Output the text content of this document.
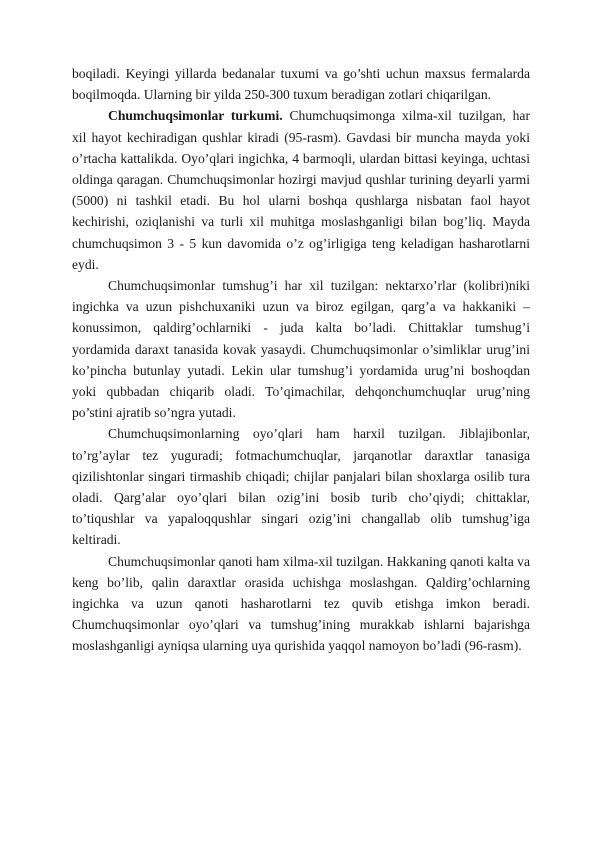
boqiladi. Keyingi yillarda bedanalar tuxumi va go’shti uchun maxsus fermalarda boqilmoqda. Ularning bir yilda 250-300 tuxum beradigan zotlari chiqarilgan.

Chumchuqsimonlar turkumi. Chumchuqsimonga xilma-xil tuzilgan, har xil hayot kechiradigan qushlar kiradi (95-rasm). Gavdasi bir muncha mayda yoki o’rtacha kattalikda. Oyo’qlari ingichka, 4 barmoqli, ulardan bittasi keyinga, uchtasi oldinga qaragan. Chumchuqsimonlar hozirgi mavjud qushlar turining deyarli yarmi (5000) ni tashkil etadi. Bu hol ularni boshqa qushlarga nisbatan faol hayot kechirishi, oziqlanishi va turli xil muhitga moslashganligi bilan bog’liq. Mayda chumchuqsimon 3 - 5 kun davomida o’z og’irligiga teng keladigan hasharotlarni eydi.

Chumchuqsimonlar tumshug’i har xil tuzilgan: nektarxo’rlar (kolibri)niki ingichka va uzun pishchuxaniki uzun va biroz egilgan, qarg’a va hakkaniki – konussimon, qaldirg’ochlarniki - juda kalta bo’ladi. Chittaklar tumshug’i yordamida daraxt tanasida kovak yasaydi. Chumchuqsimonlar o’simliklar urug’ini ko’pincha butunlay yutadi. Lekin ular tumshug’i yordamida urug’ni boshoqdan yoki qubbadan chiqarib oladi. To’qimachilar, dehqonchumchuqlar urug’ning po’stini ajratib so’ngra yutadi.

Chumchuqsimonlarning oyo’qlari ham harxil tuzilgan. Jiblajibonlar, to’rg’aylar tez yuguradi; fotmachumchuqlar, jarqanotlar daraxtlar tanasiga qizilishtonlar singari tirmashib chiqadi; chijlar panjalari bilan shoxlarga osilib tura oladi. Qarg’alar oyo’qlari bilan ozig’ini bosib turib cho’qiydi; chittaklar, to’tiqushlar va yapaloqqushlar singari ozig’ini changallab olib tumshug’iga keltiradi.

Chumchuqsimonlar qanoti ham xilma-xil tuzilgan. Hakkaning qanoti kalta va keng bo’lib, qalin daraxtlar orasida uchishga moslashgan. Qaldirg’ochlarning ingichka va uzun qanoti hasharotlarni tez quvib etishga imkon beradi. Chumchuqsimonlar oyo’qlari va tumshug’ining murakkab ishlarni bajarishga moslashganligi ayniqsa ularning uya qurishida yaqqol namoyon bo’ladi (96-rasm).
